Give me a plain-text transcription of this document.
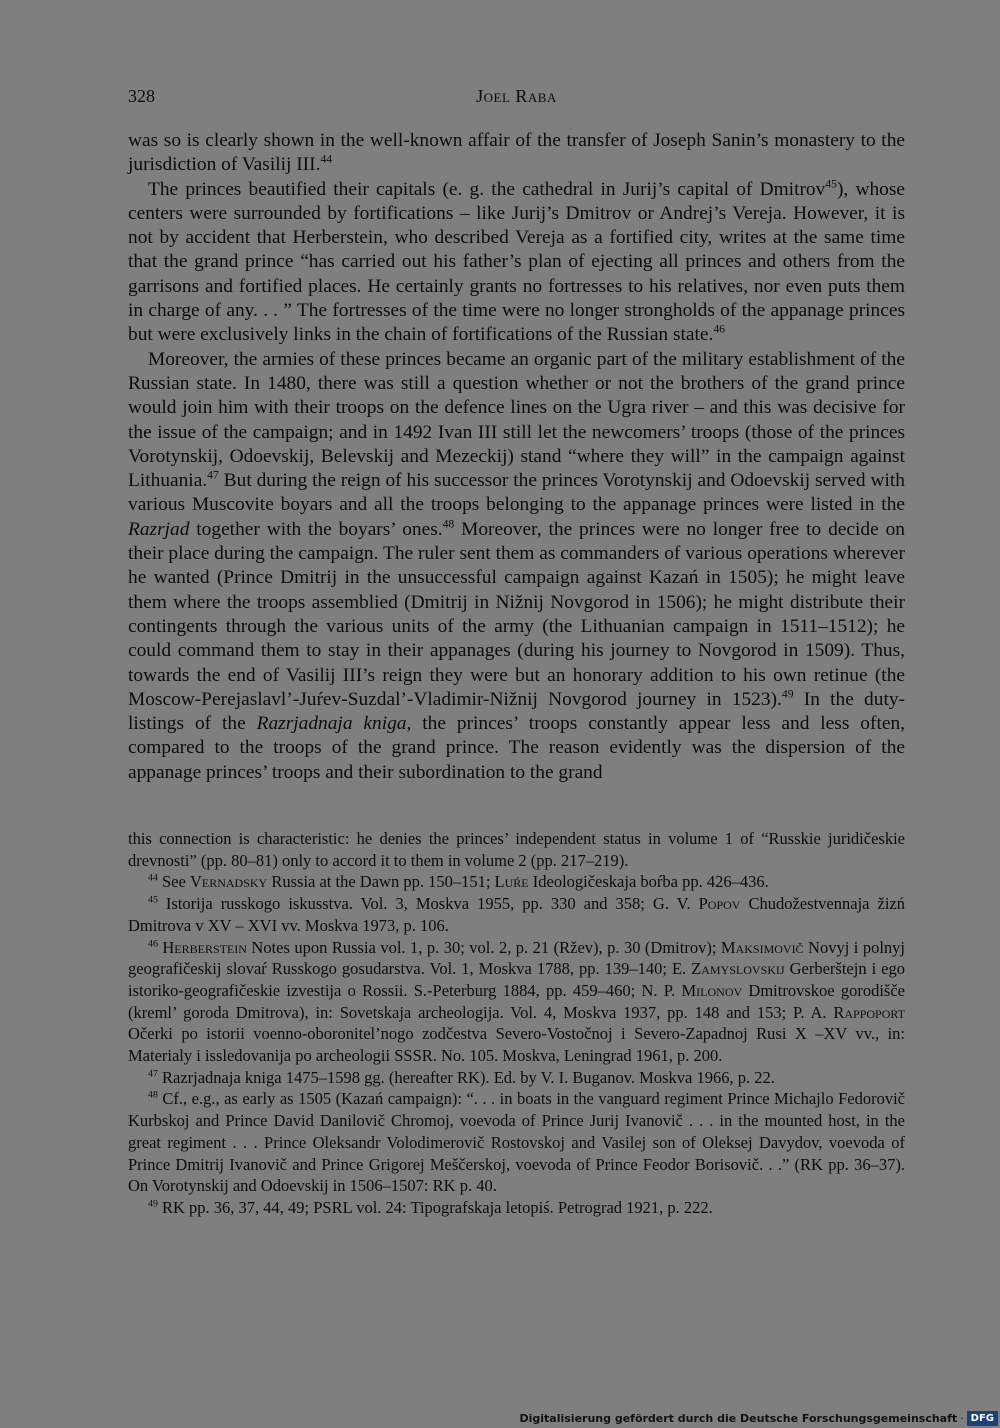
328	Joel Raba

was so is clearly shown in the well-known affair of the transfer of Joseph Sanin’s monastery to the jurisdiction of Vasilij III.$^{44}$

The princes beautified their capitals (e. g. the cathedral in Jurij’s capital of Dmitrov$^{45}$), whose centers were surrounded by fortifications – like Jurij’s Dmitrov or Andrej’s Vereja. However, it is not by accident that Herberstein, who described Vereja as a fortified city, writes at the same time that the grand prince “has carried out his father’s plan of ejecting all princes and others from the garrisons and fortified places. He certainly grants no fortresses to his relatives, nor even puts them in charge of any. . . ” The fortresses of the time were no longer strongholds of the appanage princes but were exclusively links in the chain of fortifications of the Russian state.$^{46}$

Moreover, the armies of these princes became an organic part of the military establishment of the Russian state. In 1480, there was still a question whether or not the brothers of the grand prince would join him with their troops on the defence lines on the Ugra river – and this was decisive for the issue of the campaign; and in 1492 Ivan III still let the newcomers’ troops (those of the princes Vorotynskij, Odoevskij, Belevskij and Mezeckij) stand “where they will” in the campaign against Lithuania.$^{47}$ But during the reign of his successor the princes Vorotynskij and Odoevskij served with various Muscovite boyars and all the troops belonging to the appanage princes were listed in the Razrjad together with the boyars’ ones.$^{48}$ Moreover, the princes were no longer free to decide on their place during the campaign. The ruler sent them as commanders of various operations wherever he wanted (Prince Dmitrij in the unsuccessful campaign against Kazań in 1505); he might leave them where the troops assemblied (Dmitrij in Nižnij Novgorod in 1506); he might distribute their contingents through the various units of the army (the Lithuanian campaign in 1511–1512); he could command them to stay in their appanages (during his journey to Novgorod in 1509). Thus, towards the end of Vasilij III’s reign they were but an honorary addition to his own retinue (the Moscow-Perejaslavl’-Juŕev-Suzdal’-Vladimir-Nižnij Novgorod journey in 1523).$^{49}$ In the duty-listings of the Razrjadnaja kniga, the princes’ troops constantly appear less and less often, compared to the troops of the grand prince. The reason evidently was the dispersion of the appanage princes’ troops and their subordination to the grand

this connection is characteristic: he denies the princes’ independent status in volume 1 of “Russkie juridičeskie drevnosti” (pp. 80–81) only to accord it to them in volume 2 (pp. 217–219).

$^{44}$ See Vernadsky Russia at the Dawn pp. 150–151; Luŕe Ideologičeskaja boŕba pp. 426–436.

$^{45}$ Istorija russkogo iskusstva. Vol. 3, Moskva 1955, pp. 330 and 358; G. V. Popov Chudožestvennaja žizń Dmitrova v XV – XVI vv. Moskva 1973, p. 106.

$^{46}$ Herberstein Notes upon Russia vol. 1, p. 30; vol. 2, p. 21 (Ržev), p. 30 (Dmitrov); Maksimovič Novyj i polnyj geografičeskij slovaŕ Russkogo gosudarstva. Vol. 1, Moskva 1788, pp. 139–140; E. Zamyslovskij Gerberštejn i ego istoriko-geografičeskie izvestija o Rossii. S.-Peterburg 1884, pp. 459–460; N. P. Milonov Dmitrovskoe gorodišče (kreml’ goroda Dmitrova), in: Sovetskaja archeologija. Vol. 4, Moskva 1937, pp. 148 and 153; P. A. Rappoport Očerki po istorii voenno-oboronitel’nogo zodčestva Severo-Vostočnoj i Severo-Zapadnoj Rusi X –XV vv., in: Materialy i issledovanija po archeologii SSSR. No. 105. Moskva, Leningrad 1961, p. 200.

$^{47}$ Razrjadnaja kniga 1475–1598 gg. (hereafter RK). Ed. by V. I. Buganov. Moskva 1966, p. 22.

$^{48}$ Cf., e.g., as early as 1505 (Kazań campaign): “. . . in boats in the vanguard regiment Prince Michajlo Fedorovič Kurbskoj and Prince David Danilovič Chromoj, voevoda of Prince Jurij Ivanovič . . . in the mounted host, in the great regiment . . . Prince Oleksandr Volodimerovič Rostovskoj and Vasilej son of Oleksej Davydov, voevoda of Prince Dmitrij Ivanovič and Prince Grigorej Meščerskoj, voevoda of Prince Feodor Borisovič. . .” (RK pp. 36–37). On Vorotynskij and Odoevskij in 1506–1507: RK p. 40.

$^{49}$ RK pp. 36, 37, 44, 49; PSRL vol. 24: Tipografskaja letopiś. Petrograd 1921, p. 222.

Digitalisierung gefördert durch die Deutsche Forschungsgemeinschaft · DFG
